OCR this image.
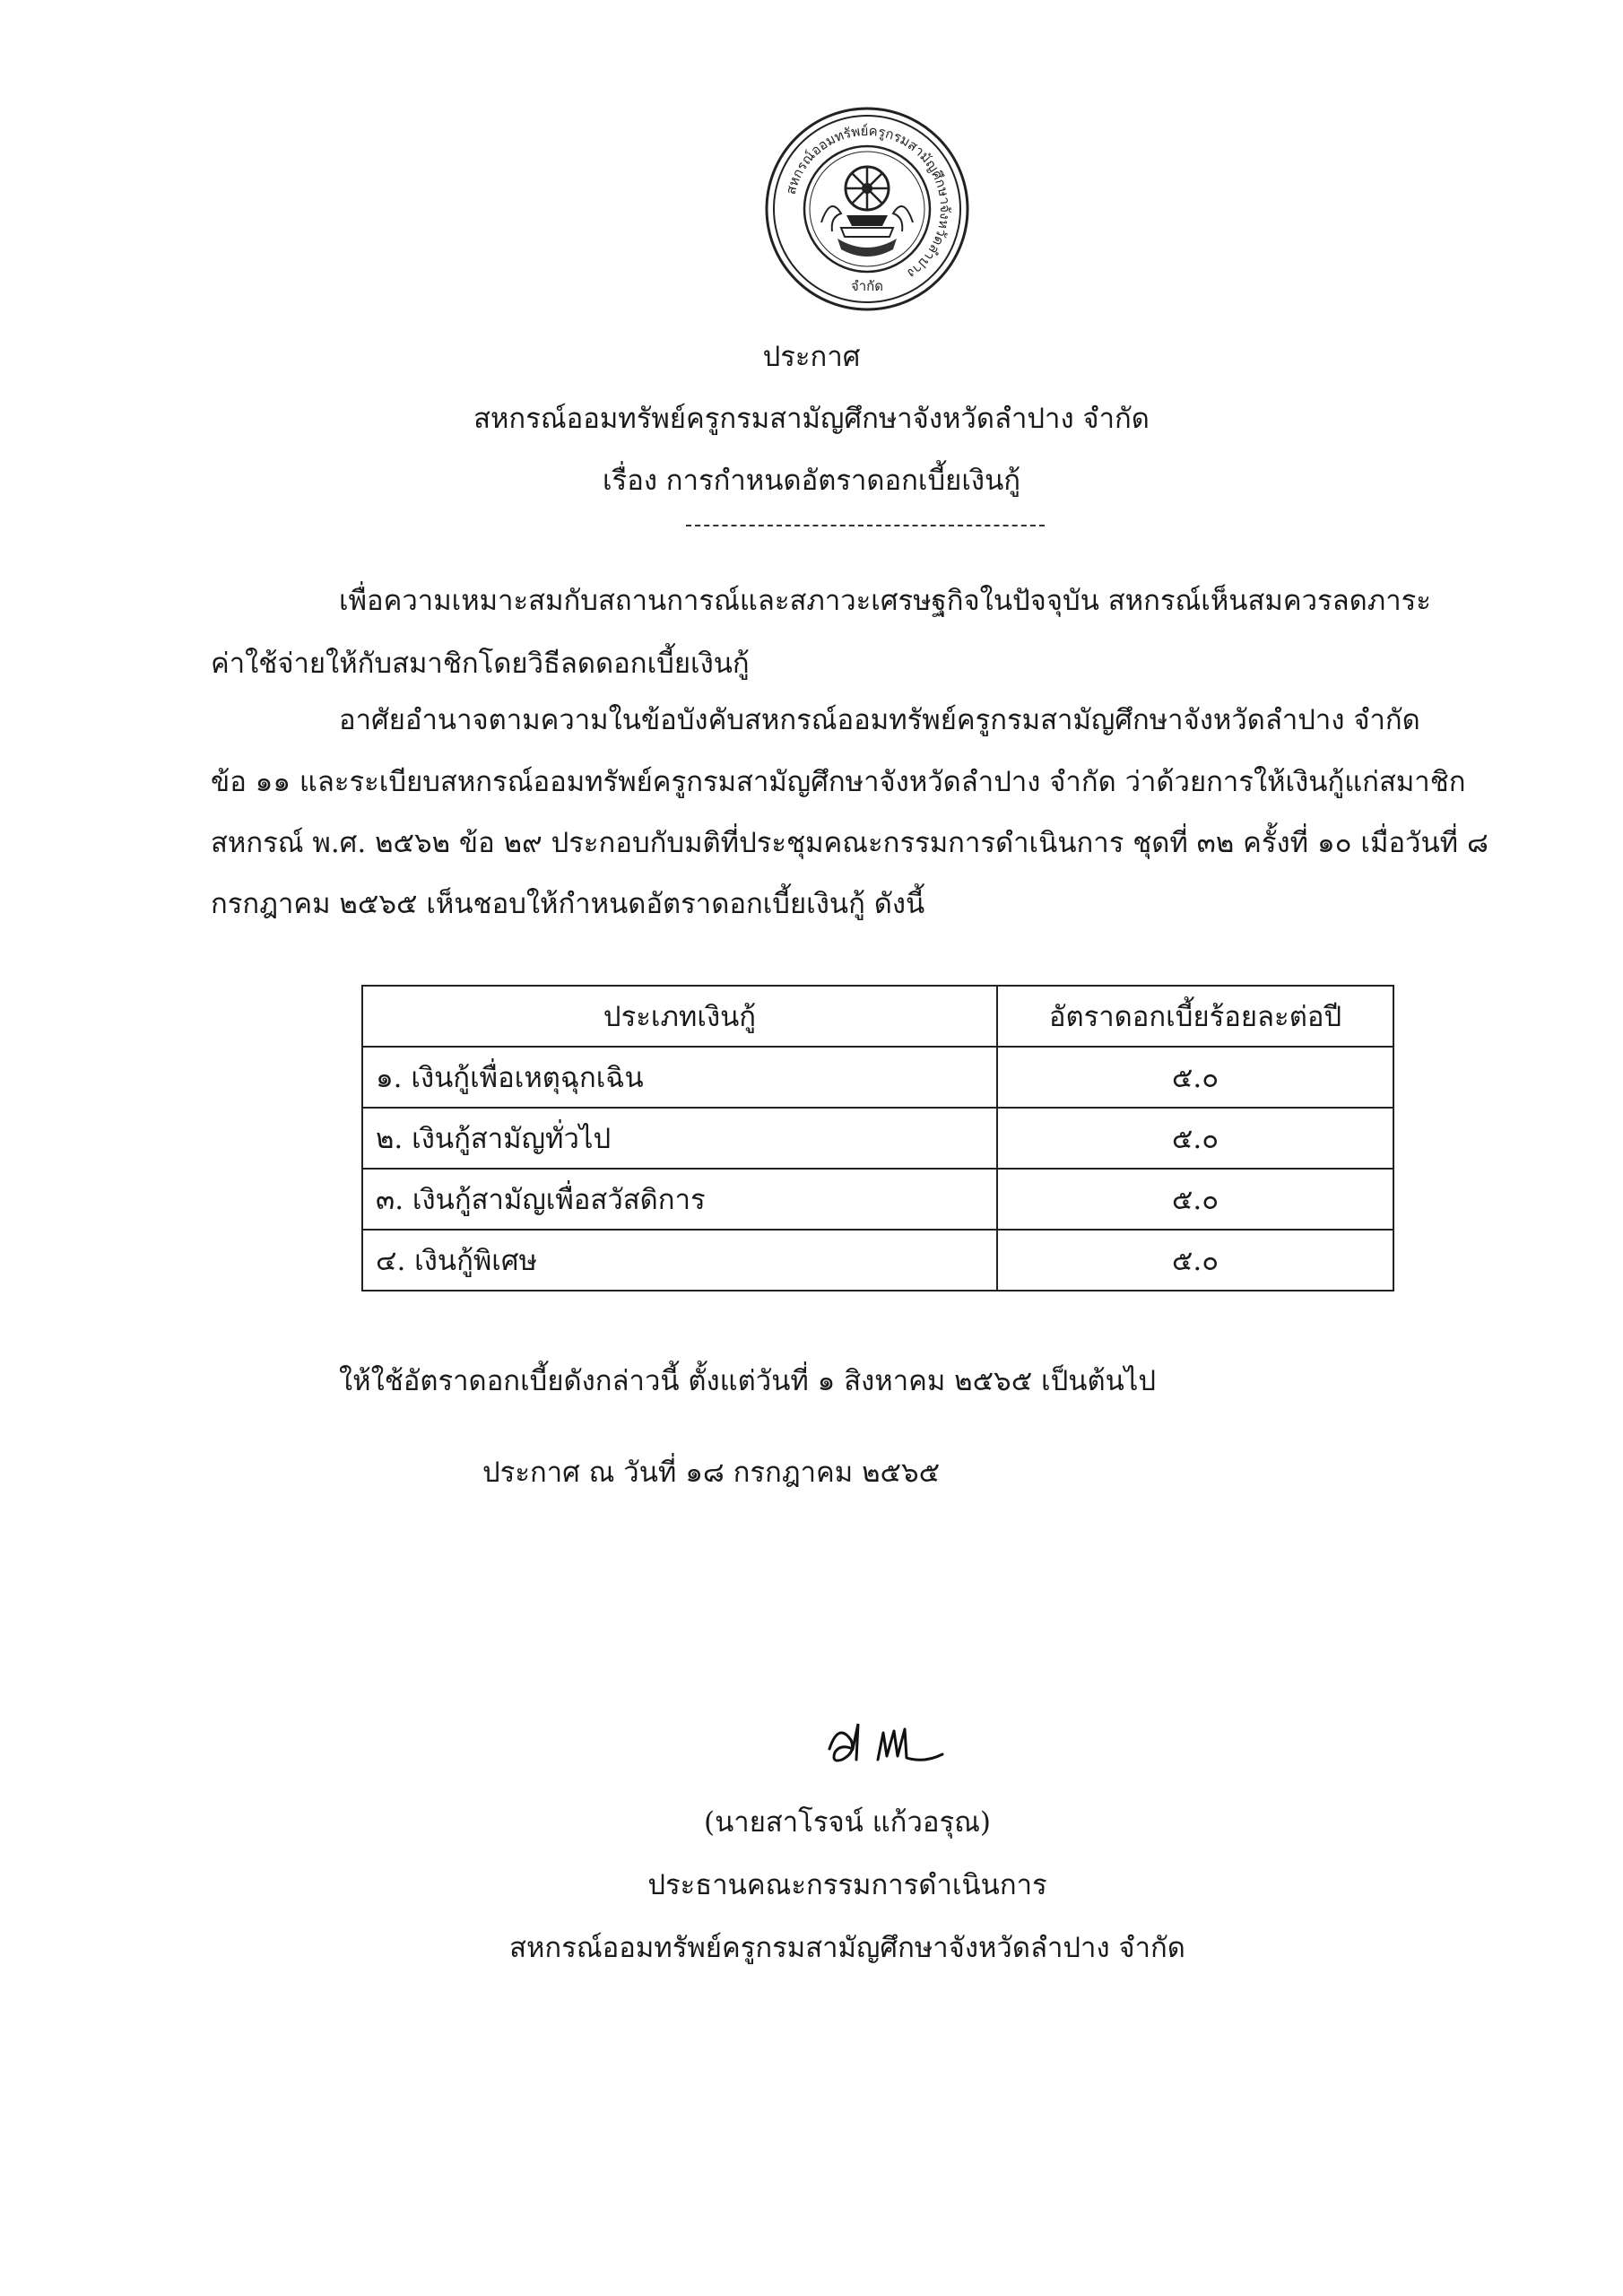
สหกรณ์ออมทรัพย์ครูกรมสามัญศึกษาจังหวัดลำปาง
จำกัด
ประกาศ
สหกรณ์ออมทรัพย์ครูกรมสามัญศึกษาจังหวัดลำปาง จำกัด
เรื่อง การกำหนดอัตราดอกเบี้ยเงินกู้
เพื่อความเหมาะสมกับสถานการณ์และสภาวะเศรษฐกิจในปัจจุบัน สหกรณ์เห็นสมควรลดภาระ
ค่าใช้จ่ายให้กับสมาชิกโดยวิธีลดดอกเบี้ยเงินกู้
อาศัยอำนาจตามความในข้อบังคับสหกรณ์ออมทรัพย์ครูกรมสามัญศึกษาจังหวัดลำปาง จำกัด
ข้อ ๑๑ และระเบียบสหกรณ์ออมทรัพย์ครูกรมสามัญศึกษาจังหวัดลำปาง จำกัด ว่าด้วยการให้เงินกู้แก่สมาชิก
สหกรณ์ พ.ศ. ๒๕๖๒ ข้อ ๒๙ ประกอบกับมติที่ประชุมคณะกรรมการดำเนินการ ชุดที่ ๓๒ ครั้งที่ ๑๐ เมื่อวันที่ ๘
กรกฎาคม ๒๕๖๕ เห็นชอบให้กำหนดอัตราดอกเบี้ยเงินกู้ ดังนี้
ประเภทเงินกู้	อัตราดอกเบี้ยร้อยละต่อปี
๑. เงินกู้เพื่อเหตุฉุกเฉิน	๕.๐
๒. เงินกู้สามัญทั่วไป	๕.๐
๓. เงินกู้สามัญเพื่อสวัสดิการ	๕.๐
๔. เงินกู้พิเศษ	๕.๐
ให้ใช้อัตราดอกเบี้ยดังกล่าวนี้ ตั้งแต่วันที่ ๑ สิงหาคม ๒๕๖๕ เป็นต้นไป
ประกาศ ณ วันที่ ๑๘ กรกฎาคม ๒๕๖๕
(นายสาโรจน์ แก้วอรุณ)
ประธานคณะกรรมการดำเนินการ
สหกรณ์ออมทรัพย์ครูกรมสามัญศึกษาจังหวัดลำปาง จำกัด
